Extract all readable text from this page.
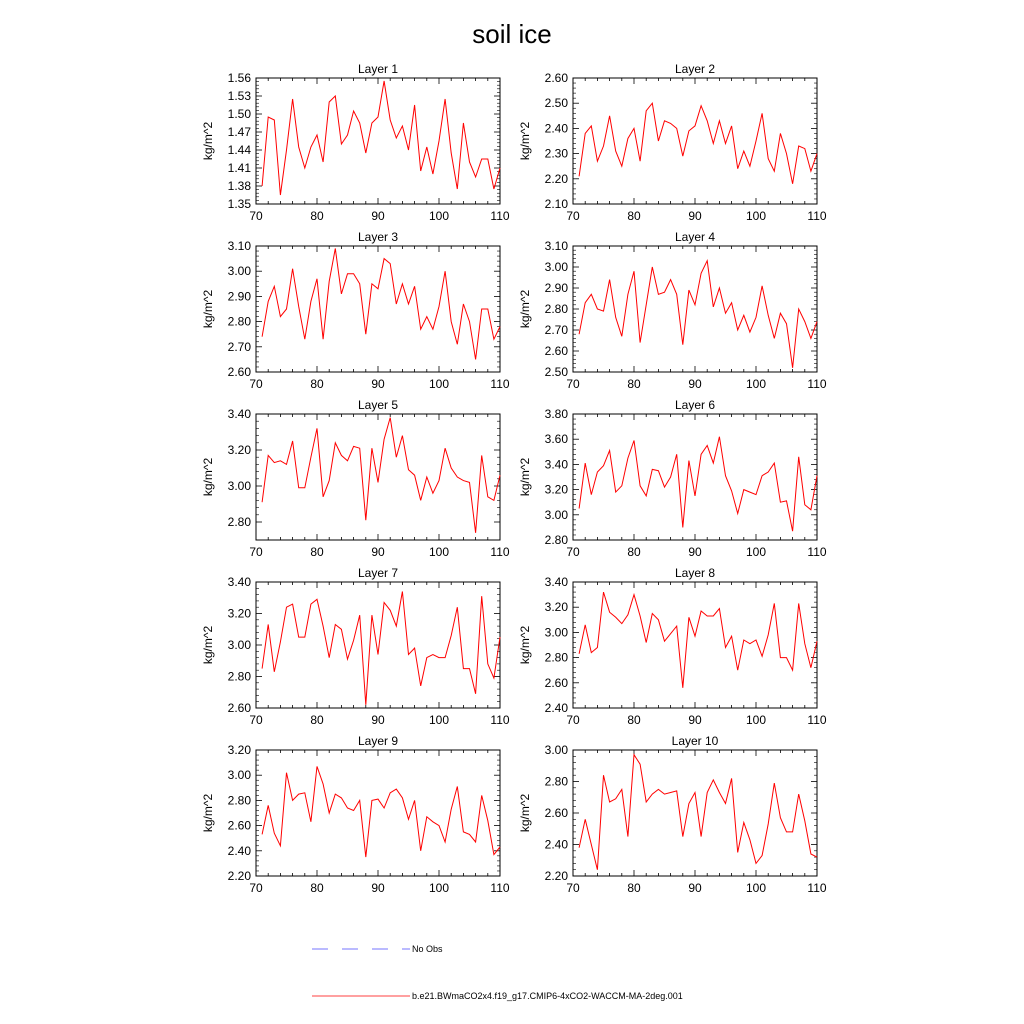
soil ice
Layer 1
70	80	90	100	110
1.35
1.38
1.41
1.44
1.47
1.50
1.53
1.56
kg/m^2
Layer 2
70	80	90	100	110
2.10
2.20
2.30
2.40
2.50
2.60
kg/m^2
Layer 3
70	80	90	100	110
2.60
2.70
2.80
2.90
3.00
3.10
kg/m^2
Layer 4
70	80	90	100	110
2.50
2.60
2.70
2.80
2.90
3.00
3.10
kg/m^2
Layer 5
70	80	90	100	110
2.80
3.00
3.20
3.40
kg/m^2
Layer 6
70	80	90	100	110
2.80
3.00
3.20
3.40
3.60
3.80
kg/m^2
Layer 7
70	80	90	100	110
2.60
2.80
3.00
3.20
3.40
kg/m^2
Layer 8
70	80	90	100	110
2.40
2.60
2.80
3.00
3.20
3.40
kg/m^2
Layer 9
70	80	90	100	110
2.20
2.40
2.60
2.80
3.00
3.20
kg/m^2
Layer 10
70	80	90	100	110
2.20
2.40
2.60
2.80
3.00
kg/m^2
No Obs
b.e21.BWmaCO2x4.f19_g17.CMIP6-4xCO2-WACCM-MA-2deg.001
